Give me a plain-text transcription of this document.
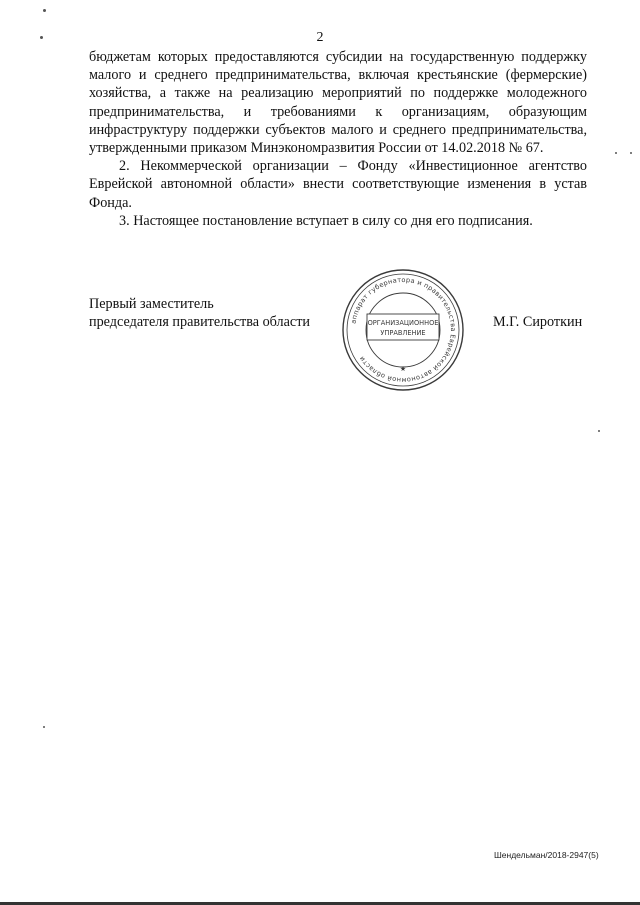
2

бюджетам которых предоставляются субсидии на государственную поддержку малого и среднего предпринимательства, включая крестьянские (фермерские) хозяйства, а также на реализацию мероприятий по поддержке молодежного предпринимательства, и требованиями к организациям, образующим инфраструктуру поддержки субъектов малого и среднего предпринимательства, утвержденными приказом Минэкономразвития России от 14.02.2018 № 67.

2. Некоммерческой организации – Фонду «Инвестиционное агентство Еврейской автономной области» внести соответствующие изменения в устав Фонда.

3. Настоящее постановление вступает в силу со дня его подписания.

Первый заместитель
председателя правительства области	М.Г. Сироткин
аппарат губернатора и правительства Еврейской автономной области
ОРГАНИЗАЦИОННОЕ
УПРАВЛЕНИЕ
★
Шендельман/2018-2947(5)
